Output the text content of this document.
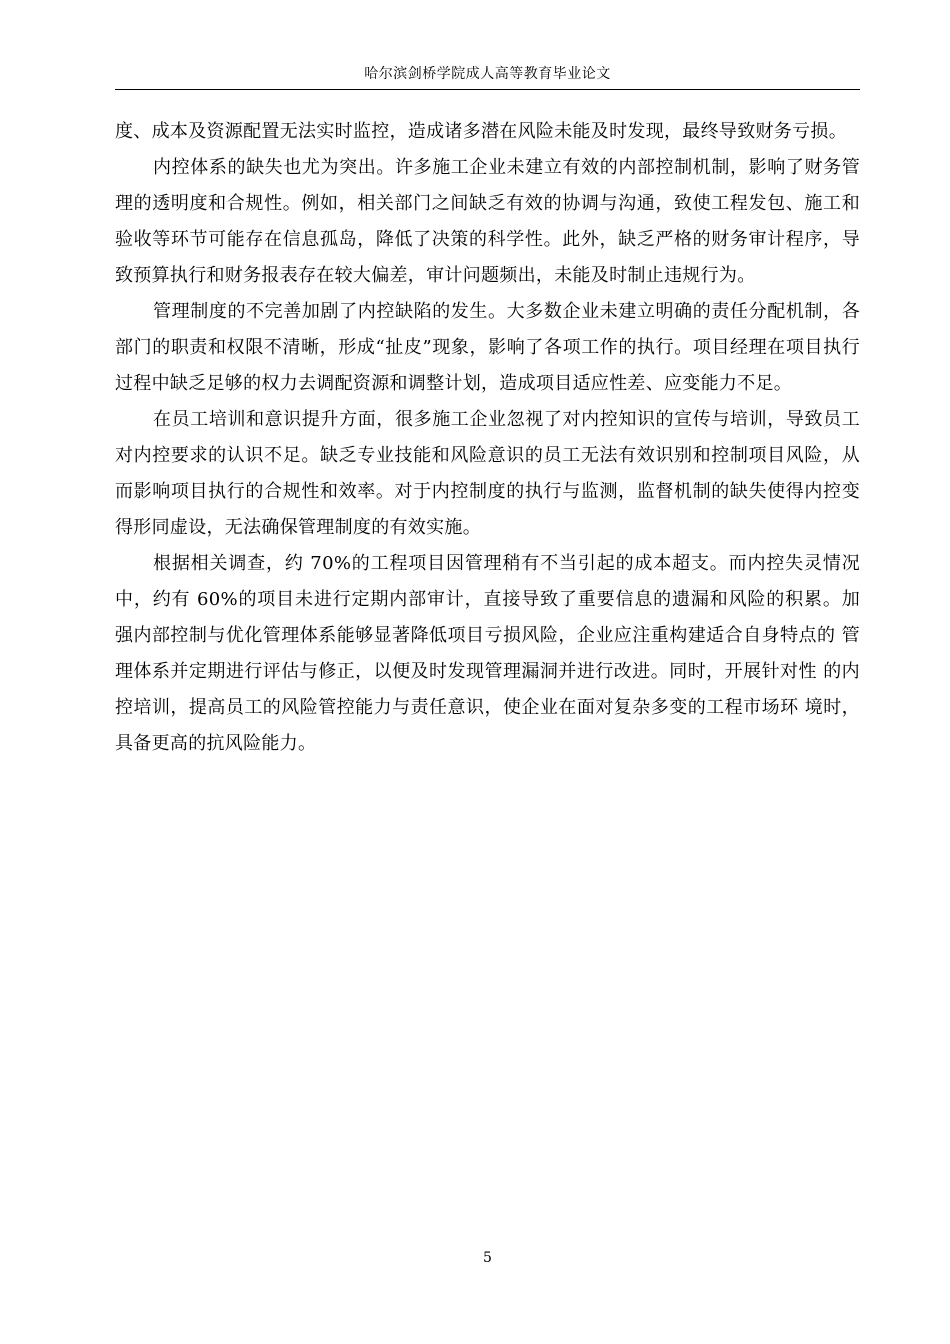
哈尔滨剑桥学院成人高等教育毕业论文

度、成本及资源配置无法实时监控，造成诸多潜在风险未能及时发现，最终导致财务亏损。

内控体系的缺失也尤为突出。许多施工企业未建立有效的内部控制机制，影响了财务管理的透明度和合规性。例如，相关部门之间缺乏有效的协调与沟通，致使工程发包、施工和验收等环节可能存在信息孤岛，降低了决策的科学性。此外，缺乏严格的财务审计程序，导致预算执行和财务报表存在较大偏差，审计问题频出，未能及时制止违规行为。

管理制度的不完善加剧了内控缺陷的发生。大多数企业未建立明确的责任分配机制，各部门的职责和权限不清晰，形成“扯皮”现象，影响了各项工作的执行。项目经理在项目执行过程中缺乏足够的权力去调配资源和调整计划，造成项目适应性差、应变能力不足。

在员工培训和意识提升方面，很多施工企业忽视了对内控知识的宣传与培训，导致员工对内控要求的认识不足。缺乏专业技能和风险意识的员工无法有效识别和控制项目风险，从而影响项目执行的合规性和效率。对于内控制度的执行与监测，监督机制的缺失使得内控变得形同虚设，无法确保管理制度的有效实施。

根据相关调查，约 70%的工程项目因管理稍有不当引起的成本超支。而内控失灵情况 中，约有 60%的项目未进行定期内部审计，直接导致了重要信息的遗漏和风险的积累。加 强内部控制与优化管理体系能够显著降低项目亏损风险，企业应注重构建适合自身特点的 管理体系并定期进行评估与修正，以便及时发现管理漏洞并进行改进。同时，开展针对性 的内控培训，提高员工的风险管控能力与责任意识，使企业在面对复杂多变的工程市场环 境时，具备更高的抗风险能力。

5
